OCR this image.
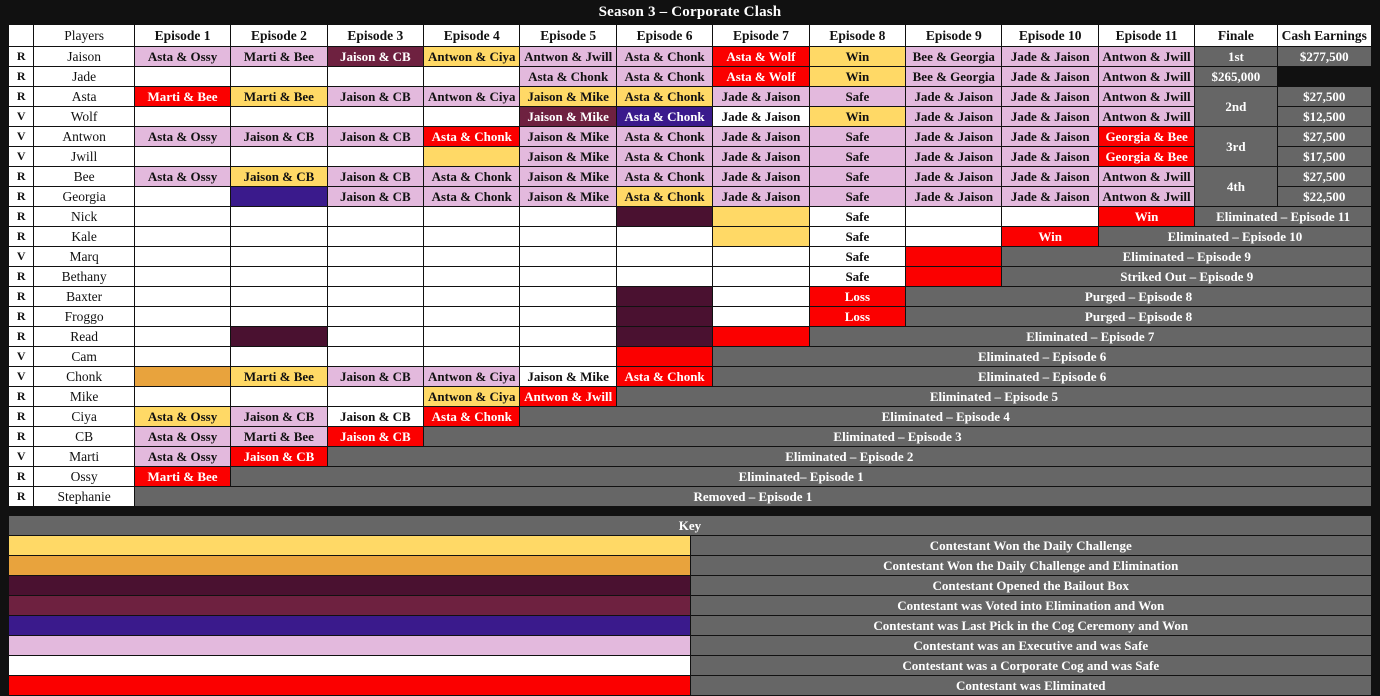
Season 3 – Corporate Clash
	Players	Episode 1	Episode 2	Episode 3	Episode 4	Episode 5	Episode 6	Episode 7	Episode 8	Episode 9	Episode 10	Episode 11	Finale	Cash Earnings
R	Jaison	Asta & Ossy	Marti & Bee	Jaison & CB	Antwon & Ciya	Antwon & Jwill	Asta & Chonk	Asta & Wolf	Win	Bee & Georgia	Jade & Jaison	Antwon & Jwill	1st	$277,500
R	Jade					Asta & Chonk	Asta & Chonk	Asta & Wolf	Win	Bee & Georgia	Jade & Jaison	Antwon & Jwill	$265,000	
R	Asta	Marti & Bee	Marti & Bee	Jaison & CB	Antwon & Ciya	Jaison & Mike	Asta & Chonk	Jade & Jaison	Safe	Jade & Jaison	Jade & Jaison	Antwon & Jwill	2nd	$27,500
V	Wolf					Jaison & Mike	Asta & Chonk	Jade & Jaison	Win	Jade & Jaison	Jade & Jaison	Antwon & Jwill		$12,500
V	Antwon	Asta & Ossy	Jaison & CB	Jaison & CB	Asta & Chonk	Jaison & Mike	Asta & Chonk	Jade & Jaison	Safe	Jade & Jaison	Jade & Jaison	Georgia & Bee	3rd	$27,500
V	Jwill					Jaison & Mike	Asta & Chonk	Jade & Jaison	Safe	Jade & Jaison	Jade & Jaison	Georgia & Bee		$17,500
R	Bee	Asta & Ossy	Jaison & CB	Jaison & CB	Asta & Chonk	Jaison & Mike	Asta & Chonk	Jade & Jaison	Safe	Jade & Jaison	Jade & Jaison	Antwon & Jwill	4th	$27,500
R	Georgia			Jaison & CB	Asta & Chonk	Jaison & Mike	Asta & Chonk	Jade & Jaison	Safe	Jade & Jaison	Jade & Jaison	Antwon & Jwill		$22,500
R	Nick								Safe			Win	Eliminated – Episode 11	
R	Kale								Safe		Win	Eliminated – Episode 10		
V	Marq								Safe		Eliminated – Episode 9			
R	Bethany								Safe		Striked Out – Episode 9			
R	Baxter								Loss	Purged – Episode 8				
R	Froggo								Loss	Purged – Episode 8				
R	Read								Eliminated – Episode 7					
V	Cam							Eliminated – Episode 6						
V	Chonk		Marti & Bee	Jaison & CB	Antwon & Ciya	Jaison & Mike	Asta & Chonk	Eliminated – Episode 6						
R	Mike				Antwon & Ciya	Antwon & Jwill	Eliminated – Episode 5							
R	Ciya	Asta & Ossy	Jaison & CB	Jaison & CB	Asta & Chonk	Eliminated – Episode 4								
R	CB	Asta & Ossy	Marti & Bee	Jaison & CB	Eliminated – Episode 3									
V	Marti	Asta & Ossy	Jaison & CB	Eliminated – Episode 2										
R	Ossy	Marti & Bee	Eliminated– Episode 1											
R	Stephanie	Removed – Episode 1												
Key	
	Contestant Won the Daily Challenge
	Contestant Won the Daily Challenge and Elimination
	Contestant Opened the Bailout Box
	Contestant was Voted into Elimination and Won
	Contestant was Last Pick in the Cog Ceremony and Won
	Contestant was an Executive and was Safe
	Contestant was a Corporate Cog and was Safe
	Contestant was Eliminated
